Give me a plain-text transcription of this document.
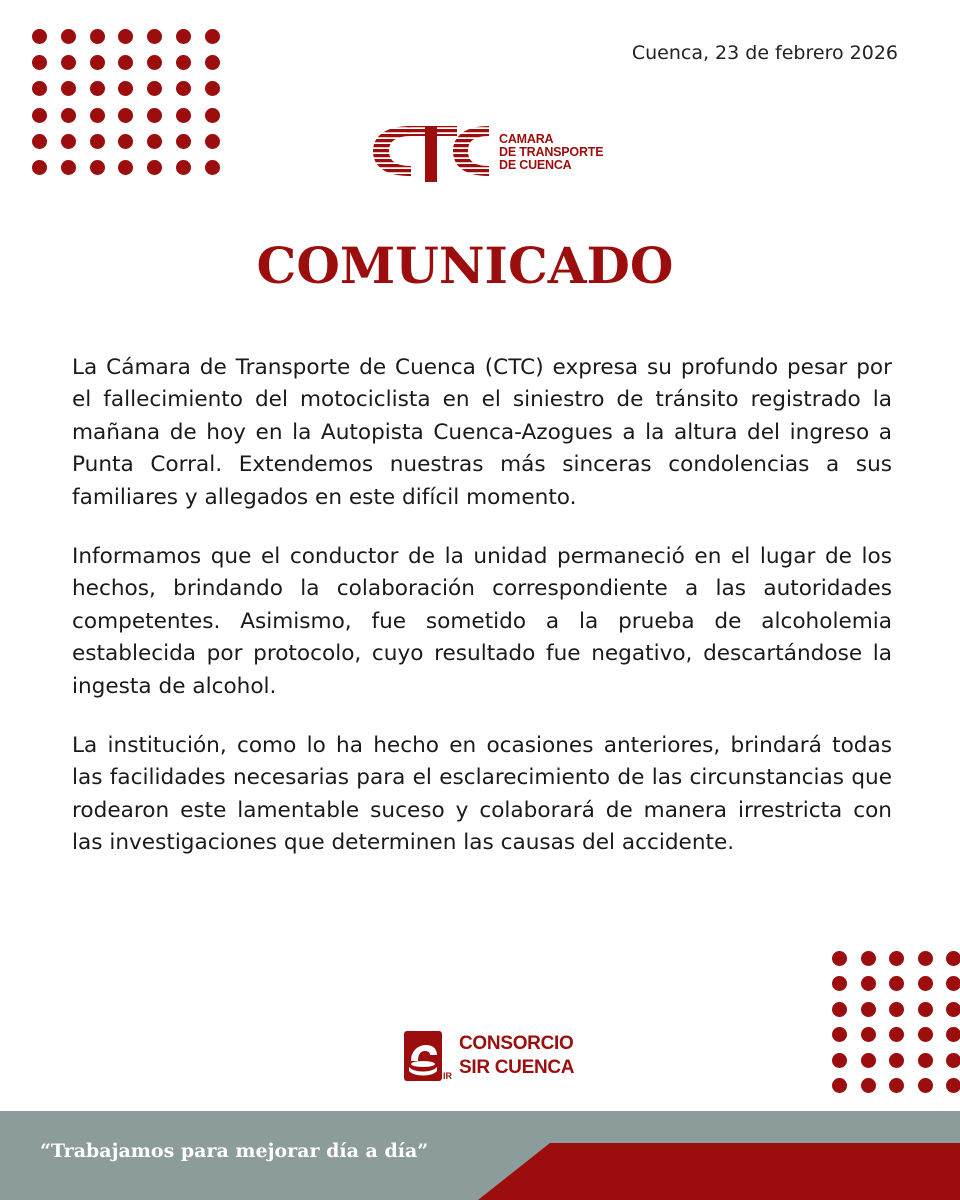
Cuenca, 23 de febrero 2026
CAMARA
DE TRANSPORTE
DE CUENCA
COMUNICADO

La Cámara de Transporte de Cuenca (CTC) expresa su profundo pesar por el fallecimiento del motociclista en el siniestro de tránsito registrado la mañana de hoy en la Autopista Cuenca-Azogues a la altura del ingreso a Punta Corral. Extendemos nuestras más sinceras condolencias a sus familiares y allegados en este difícil momento.

Informamos que el conductor de la unidad permaneció en el lugar de los hechos, brindando la colaboración correspondiente a las autoridades competentes. Asimismo, fue sometido a la prueba de alcoholemia establecida por protocolo, cuyo resultado fue negativo, descartándose la ingesta de alcohol.

La institución, como lo ha hecho en ocasiones anteriores, brindará todas las facilidades necesarias para el esclarecimiento de las circunstancias que rodearon este lamentable suceso y colaborará de manera irrestricta con las investigaciones que determinen las causas del accidente.

IR
CONSORCIO
SIR CUENCA
“Trabajamos para mejorar día a día”
